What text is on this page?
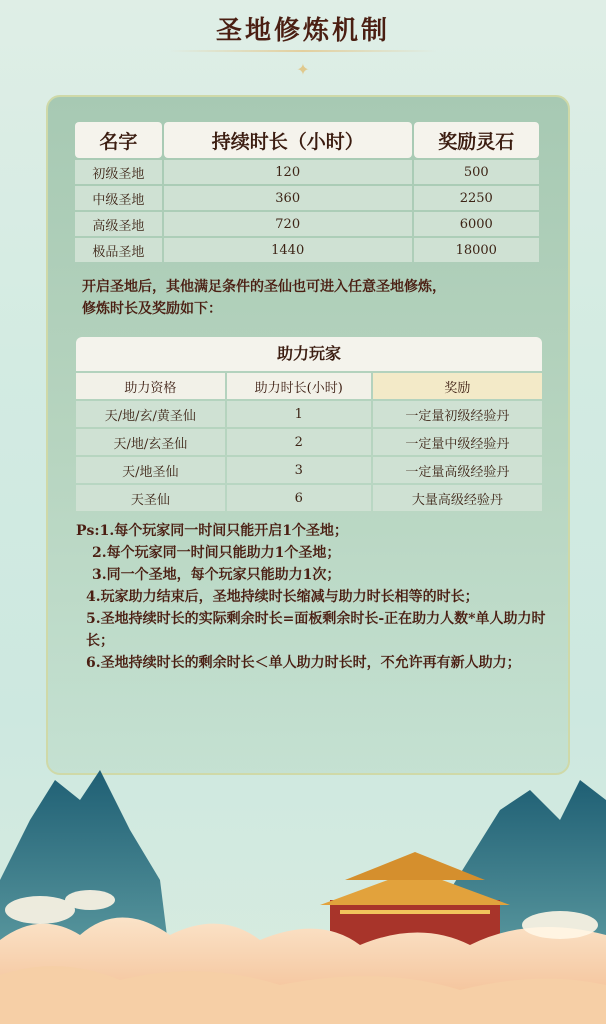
圣地修炼机制
✦
名字	持续时长（小时）	奖励灵石
初级圣地	120	500
中级圣地	360	2250
高级圣地	720	6000
极品圣地	1440	18000
开启圣地后，其他满足条件的圣仙也可进入任意圣地修炼，
修炼时长及奖励如下：
助力玩家
助力资格	助力时长(小时)	奖励
天/地/玄/黄圣仙	1	一定量初级经验丹
天/地/玄圣仙	2	一定量中级经验丹
天/地圣仙	3	一定量高级经验丹
天圣仙	6	大量高级经验丹
Ps:1.每个玩家同一时间只能开启1个圣地；
2.每个玩家同一时间只能助力1个圣地；
3.同一个圣地，每个玩家只能助力1次；
4.玩家助力结束后，圣地持续时长缩减与助力时长相等的时长；
5.圣地持续时长的实际剩余时长=面板剩余时长-正在助力人数*单人助力时长；
6.圣地持续时长的剩余时长＜单人助力时长时，不允许再有新人助力；
